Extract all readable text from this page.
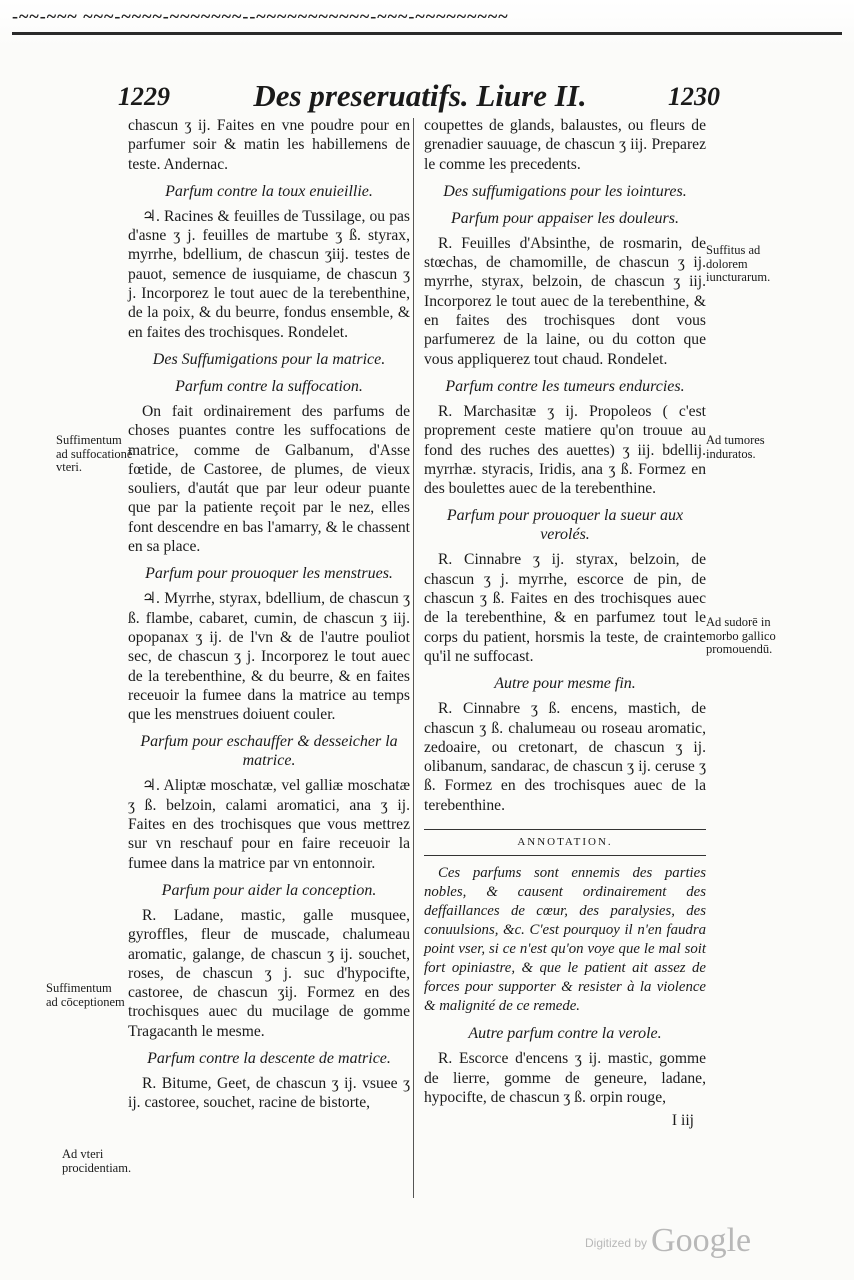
-~~-~~~ ~~~-~~~~-~~~~~~~--~~~~~~~~~~~-~~~-~~~~~~~~~
1229	Des preseruatifs. Liure II.	1230

chascun ʒ ij. Faites en vne poudre pour en parfumer soir & matin les habillemens de teste. Andernac.

Parfum contre la toux enuieillie.

♃. Racines & feuilles de Tussilage, ou pas d'asne ʒ j. feuilles de martube ʒ ß. styrax, myrrhe, bdellium, de chascun ʒiij. testes de pauot, semence de iusquiame, de chascun ʒ j. Incorporez le tout auec de la terebenthine, de la poix, & du beurre, fondus ensemble, & en faites des trochisques. Rondelet.

Des Suffumigations pour la matrice.
Parfum contre la suffocation.

On fait ordinairement des parfums de choses puantes contre les suffocations de matrice, comme de Galbanum, d'Asse fœtide, de Castoree, de plumes, de vieux souliers, d'autát que par leur odeur puante que par la patiente reçoit par le nez, elles font descendre en bas l'amarry, & le chassent en sa place.

Parfum pour prouoquer les menstrues.

♃. Myrrhe, styrax, bdellium, de chascun ʒ ß. flambe, cabaret, cumin, de chascun ʒ iij. opopanax ʒ ij. de l'vn & de l'autre pouliot sec, de chascun ʒ j. Incorporez le tout auec de la terebenthine, & du beurre, & en faites receuoir la fumee dans la matrice au temps que les menstrues doiuent couler.

Parfum pour eschauffer & desseicher la matrice.

♃. Aliptæ moschatæ, vel galliæ moschatæ ʒ ß. belzoin, calami aromatici, ana ʒ ij. Faites en des trochisques que vous mettrez sur vn reschauf pour en faire receuoir la fumee dans la matrice par vn entonnoir.

Parfum pour aider la conception.

R. Ladane, mastic, galle musquee, gyroffles, fleur de muscade, chalumeau aromatic, galange, de chascun ʒ ij. souchet, roses, de chascun ʒ j. suc d'hypocifte, castoree, de chascun ʒij. Formez en des trochisques auec du mucilage de gomme Tragacanth le mesme.

Parfum contre la descente de matrice.

R. Bitume, Geet, de chascun ʒ ij. vsuee ʒ ij. castoree, souchet, racine de bistorte,

coupettes de glands, balaustes, ou fleurs de grenadier sauuage, de chascun ʒ iij. Preparez le comme les precedents.

Des suffumigations pour les iointures.
Parfum pour appaiser les douleurs.

R. Feuilles d'Absinthe, de rosmarin, de stœchas, de chamomille, de chascun ʒ ij. myrrhe, styrax, belzoin, de chascun ʒ iij. Incorporez le tout auec de la terebenthine, & en faites des trochisques dont vous parfumerez de la laine, ou du cotton que vous appliquerez tout chaud. Rondelet.

Parfum contre les tumeurs endurcies.

R. Marchasitæ ʒ ij. Propoleos ( c'est proprement ceste matiere qu'on trouue au fond des ruches des auettes) ʒ iij. bdellij. myrrhæ. styracis, Iridis, ana ʒ ß. Formez en des boulettes auec de la terebenthine.

Parfum pour prouoquer la sueur aux verolés.

R. Cinnabre ʒ ij. styrax, belzoin, de chascun ʒ j. myrrhe, escorce de pin, de chascun ʒ ß. Faites en des trochisques auec de la terebenthine, & en parfumez tout le corps du patient, horsmis la teste, de crainte qu'il ne suffocast.

Autre pour mesme fin.

R. Cinnabre ʒ ß. encens, mastich, de chascun ʒ ß. chalumeau ou roseau aromatic, zedoaire, ou cretonart, de chascun ʒ ij. olibanum, sandarac, de chascun ʒ ij. ceruse ʒ ß. Formez en des trochisques auec de la terebenthine.

ANNOTATION.

Ces parfums sont ennemis des parties nobles, & causent ordinairement des deffaillances de cœur, des paralysies, des conuulsions, &c. C'est pourquoy il n'en faudra point vser, si ce n'est qu'on voye que le mal soit fort opiniastre, & que le patient ait assez de forces pour supporter & resister à la violence & malignité de ce remede.

Autre parfum contre la verole.

R. Escorce d'encens ʒ ij. mastic, gomme de lierre, gomme de geneure, ladane, hypocifte, de chascun ʒ ß. orpin rouge,

I iij

Suffimentum ad suffocationē vteri.
Suffimentum ad cōceptionem
Ad vteri procidentiam.
Suffitus ad dolorem iuncturarum.
Ad tumores induratos.
Ad sudorē in morbo gallico promouendū.
$^{Digitized by}$ Google
